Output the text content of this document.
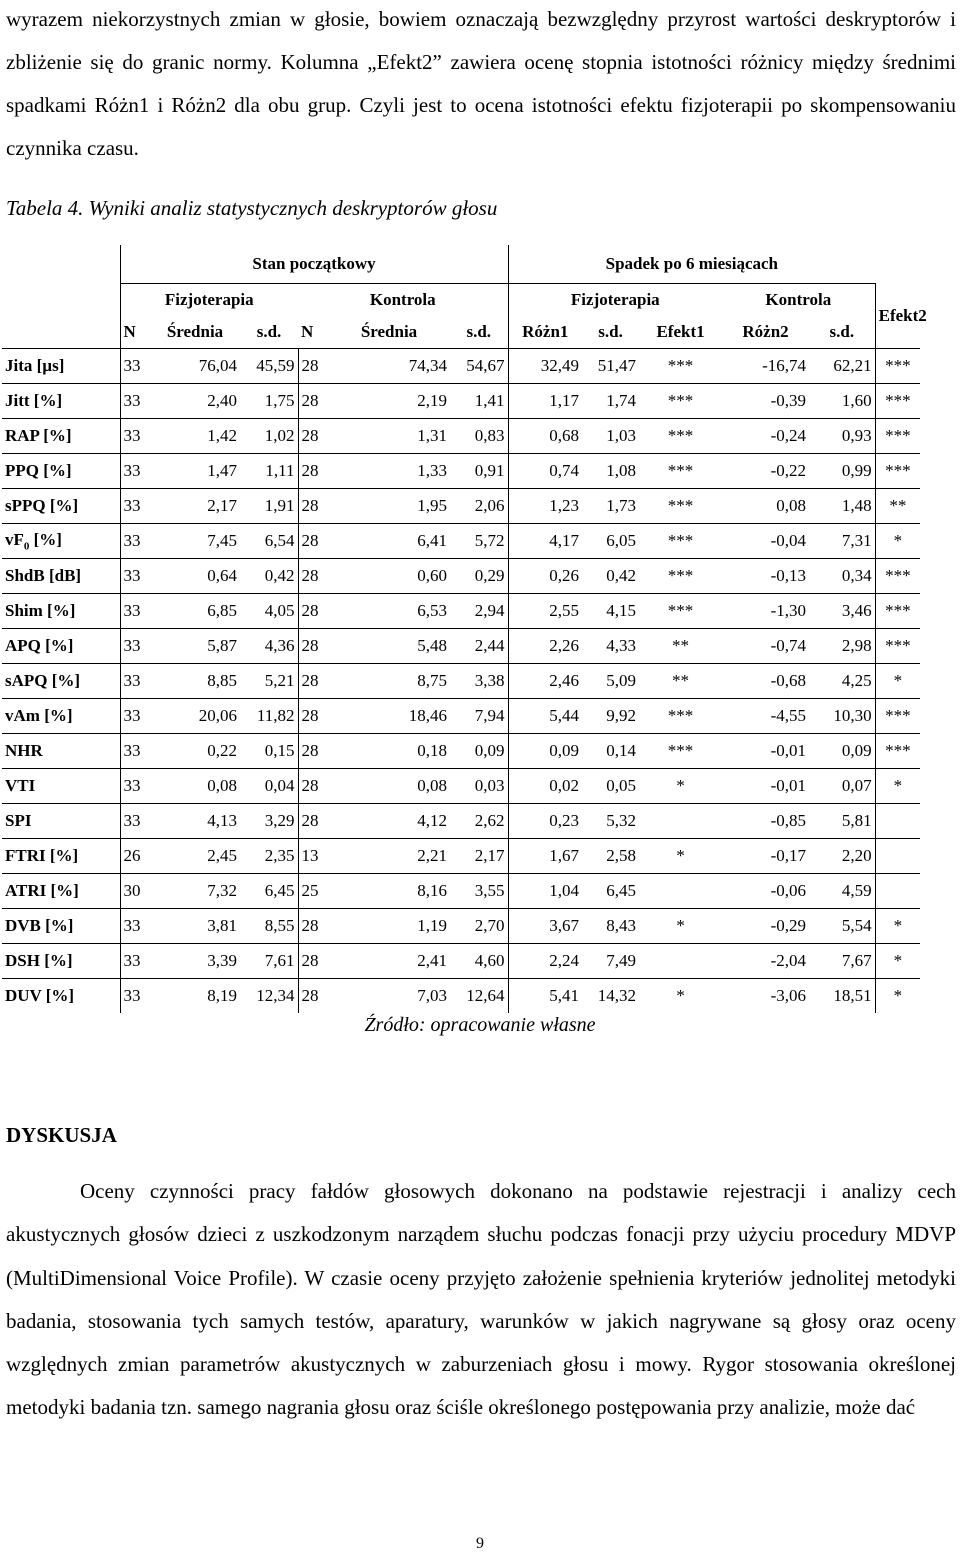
wyrazem niekorzystnych zmian w głosie, bowiem oznaczają bezwzględny przyrost wartości deskryptorów i zbliżenie się do granic normy. Kolumna „Efekt2” zawiera ocenę stopnia istotności różnicy między średnimi spadkami Różn1 i Różn2 dla obu grup. Czyli jest to ocena istotności efektu fizjoterapii po skompensowaniu czynnika czasu.
Tabela 4. Wyniki analiz statystycznych deskryptorów głosu
	Stan początkowy						Spadek po 6 miesiącach					
	Fizjoterapia			Kontrola			Fizjoterapia			Kontrola		Efekt2
	N	Średnia	s.d.	N	Średnia	s.d.	Różn1	s.d.	Efekt1	Różn2	s.d.	
Jita [µs]	33	76,04	45,59	28	74,34	54,67	32,49	51,47	***	-16,74	62,21	***
Jitt [%]	33	2,40	1,75	28	2,19	1,41	1,17	1,74	***	-0,39	1,60	***
RAP [%]	33	1,42	1,02	28	1,31	0,83	0,68	1,03	***	-0,24	0,93	***
PPQ [%]	33	1,47	1,11	28	1,33	0,91	0,74	1,08	***	-0,22	0,99	***
sPPQ [%]	33	2,17	1,91	28	1,95	2,06	1,23	1,73	***	0,08	1,48	**
$vF_0$ [%]	33	7,45	6,54	28	6,41	5,72	4,17	6,05	***	-0,04	7,31	*
ShdB [dB]	33	0,64	0,42	28	0,60	0,29	0,26	0,42	***	-0,13	0,34	***
Shim [%]	33	6,85	4,05	28	6,53	2,94	2,55	4,15	***	-1,30	3,46	***
APQ [%]	33	5,87	4,36	28	5,48	2,44	2,26	4,33	**	-0,74	2,98	***
sAPQ [%]	33	8,85	5,21	28	8,75	3,38	2,46	5,09	**	-0,68	4,25	*
vAm [%]	33	20,06	11,82	28	18,46	7,94	5,44	9,92	***	-4,55	10,30	***
NHR	33	0,22	0,15	28	0,18	0,09	0,09	0,14	***	-0,01	0,09	***
VTI	33	0,08	0,04	28	0,08	0,03	0,02	0,05	*	-0,01	0,07	*
SPI	33	4,13	3,29	28	4,12	2,62	0,23	5,32		-0,85	5,81	
FTRI [%]	26	2,45	2,35	13	2,21	2,17	1,67	2,58	*	-0,17	2,20	
ATRI [%]	30	7,32	6,45	25	8,16	3,55	1,04	6,45		-0,06	4,59	
DVB [%]	33	3,81	8,55	28	1,19	2,70	3,67	8,43	*	-0,29	5,54	*
DSH [%]	33	3,39	7,61	28	2,41	4,60	2,24	7,49		-2,04	7,67	*
DUV [%]	33	8,19	12,34	28	7,03	12,64	5,41	14,32	*	-3,06	18,51	*
Źródło: opracowanie własne
DYSKUSJA
Oceny czynności pracy fałdów głosowych dokonano na podstawie rejestracji i analizy cech akustycznych głosów dzieci z uszkodzonym narządem słuchu podczas fonacji przy użyciu procedury MDVP (MultiDimensional Voice Profile). W czasie oceny przyjęto założenie spełnienia kryteriów jednolitej metodyki badania, stosowania tych samych testów, aparatury, warunków w jakich nagrywane są głosy oraz oceny względnych zmian parametrów akustycznych w zaburzeniach głosu i mowy. Rygor stosowania określonej metodyki badania tzn. samego nagrania głosu oraz ściśle określonego postępowania przy analizie, może dać
9
